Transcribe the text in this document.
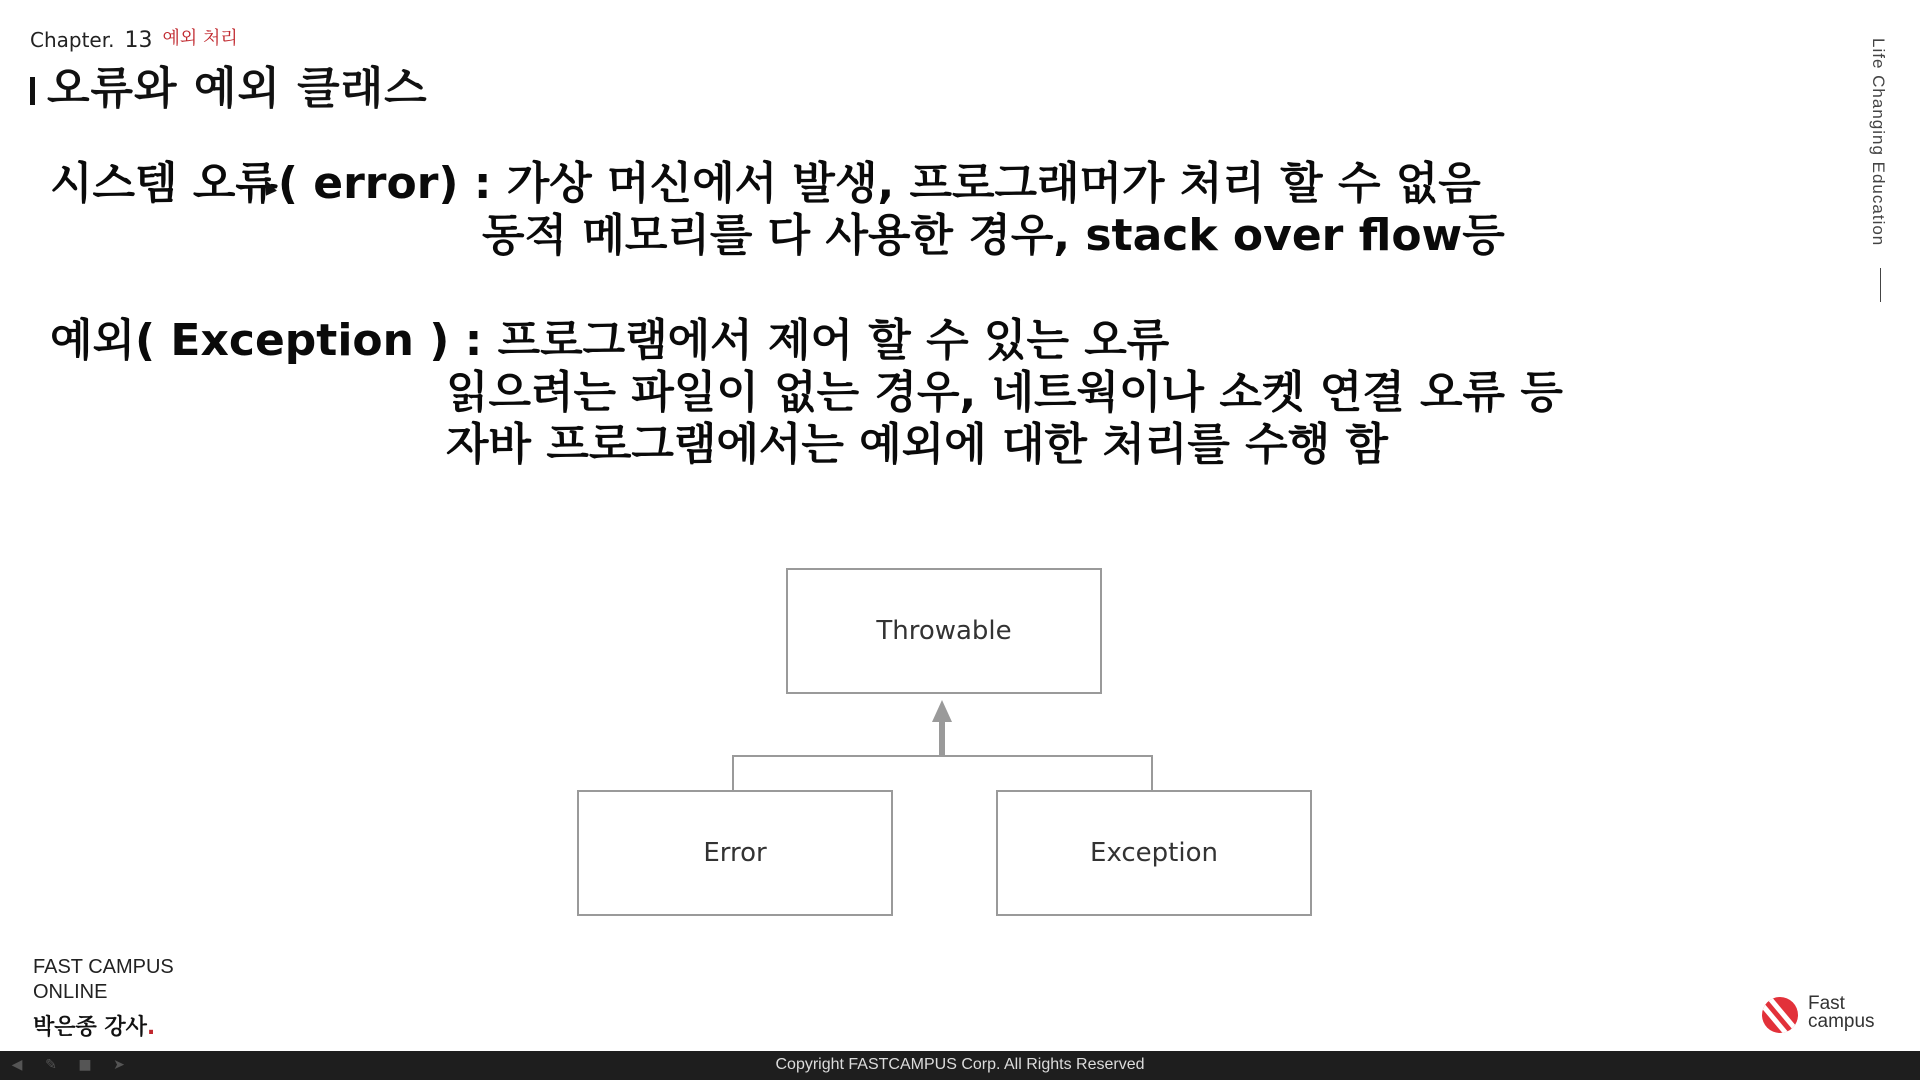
Chapter. 13 예외 처리
오류와 예외 클래스
시스템 오류( error) : 가상 머신에서 발생, 프로그래머가 처리 할 수 없음
동적 메모리를 다 사용한 경우, stack over flow등
예외( Exception ) : 프로그램에서 제어 할 수 있는 오류
읽으려는 파일이 없는 경우, 네트웍이나 소켓 연결 오류 등
자바 프로그램에서는 예외에 대한 처리를 수행 함
Life Changing Education
Throwable
Error	Exception
FAST CAMPUS
ONLINE
박은종 강사.
Fast
campus
Copyright FASTCAMPUS Corp. All Rights Reserved
◀ ✎ ■ ➤
